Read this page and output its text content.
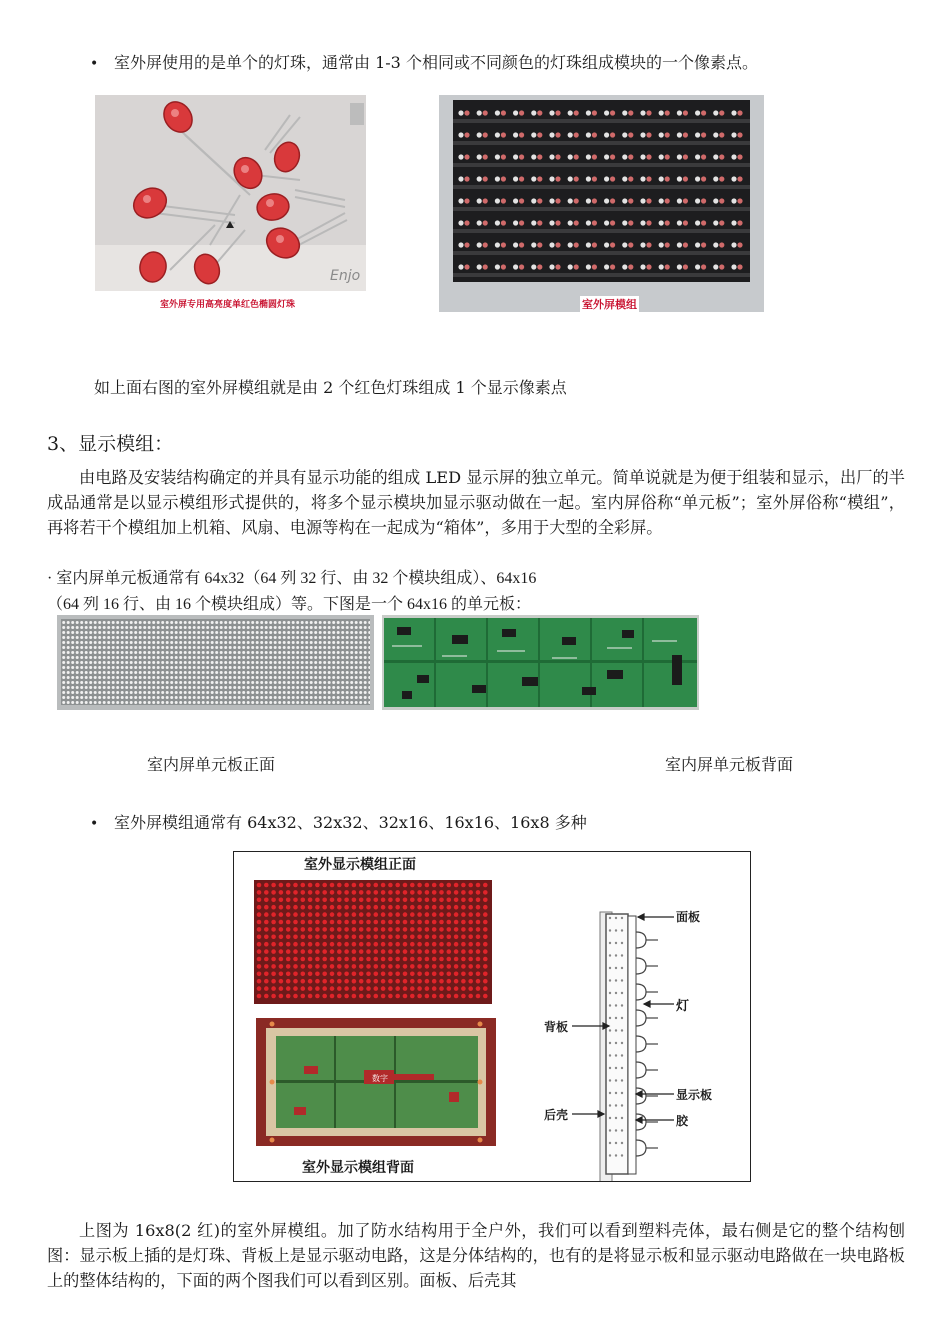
• 室外屏使用的是单个的灯珠，通常由 1-3 个相同或不同颜色的灯珠组成模块的一个像素点。
Enjo
室外屏专用高亮度单红色椭圆灯珠	室外屏模组
如上面右图的室外屏模组就是由 2 个红色灯珠组成 1 个显示像素点
3、显示模组：
由电路及安装结构确定的并具有显示功能的组成 LED 显示屏的独立单元。简单说就是为便于组装和显示，出厂的半成品通常是以显示模组形式提供的，将多个显示模块加显示驱动做在一起。室内屏俗称“单元板”；室外屏俗称“模组”，再将若干个模组加上机箱、风扇、电源等构在一起成为“箱体”，多用于大型的全彩屏。
· 室内屏单元板通常有 64x32（64 列 32 行、由 32 个模块组成）、64x16
（64 列 16 行、由 16 个模块组成）等。下图是一个 64x16 的单元板：
室内屏单元板正面	室内屏单元板背面
• 室外屏模组通常有 64x32、32x32、32x16、16x16、16x8 多种
室外显示模组正面
数字
面板
灯
背板
显示板
后壳	胶
室外显示模组背面
上图为 16x8(2 红)的室外屏模组。加了防水结构用于全户外，我们可以看到塑料壳体，最右侧是它的整个结构刨图：显示板上插的是灯珠、背板上是显示驱动电路，这是分体结构的，也有的是将显示板和显示驱动电路做在一块电路板上的整体结构的，下面的两个图我们可以看到区别。面板、后壳其
